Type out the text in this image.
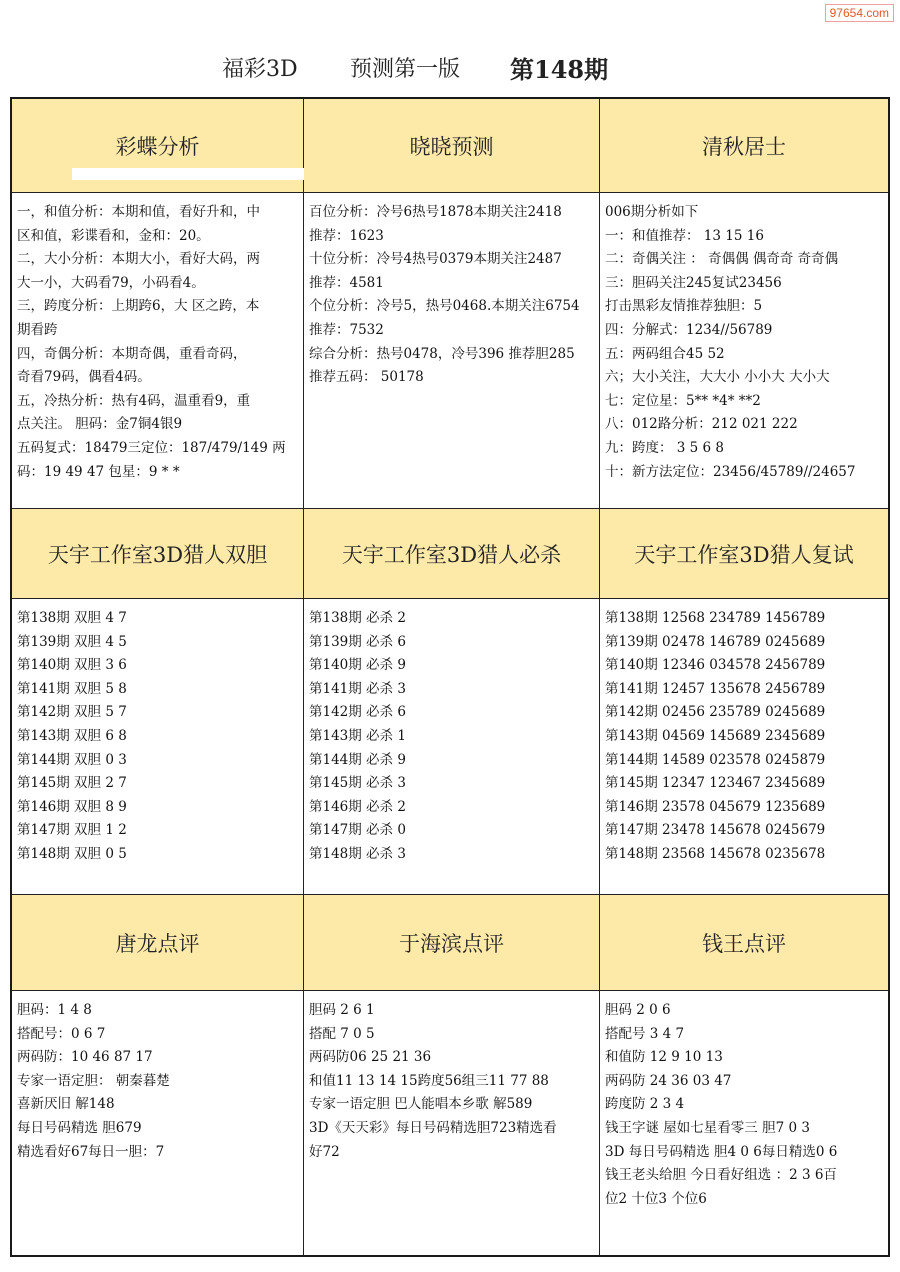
97654.com
福彩3D 预测第一版 第148期
彩蝶分析
一，和值分析：本期和值，看好升和，中
区和值，彩谍看和，金和：20。
二，大小分析：本期大小，看好大码，两
大一小，大码看79，小码看4。
三，跨度分析：上期跨6，大 区之跨，本
期看跨
四，奇偶分析：本期奇偶，重看奇码，
奇看79码，偶看4码。
五，冷热分析：热有4码，温重看9，重
点关注。 胆码：金7铜4银9
五码复式：18479三定位：187/479/149 两
码：19 49 47 包星：9 * *
晓晓预测
百位分析：冷号6热号1878本期关注2418
推荐：1623
十位分析：冷号4热号0379本期关注2487
推荐：4581
个位分析：冷号5，热号0468.本期关注6754
推荐：7532
综合分析：热号0478，冷号396 推荐胆285
推荐五码： 50178
清秋居士
006期分析如下
一：和值推荐： 13 15 16
二：奇偶关注 ： 奇偶偶 偶奇奇 奇奇偶
三：胆码关注245复试23456
打击黑彩友情推荐独胆：5
四：分解式：1234//56789
五：两码组合45 52
六；大小关注，大大小 小小大 大小大
七：定位星：5** *4* **2
八：012路分析：212 021 222
九：跨度： 3 5 6 8
十：新方法定位：23456/45789//24657
天宇工作室3D猎人双胆
第138期 双胆 4 7
第139期 双胆 4 5
第140期 双胆 3 6
第141期 双胆 5 8
第142期 双胆 5 7
第143期 双胆 6 8
第144期 双胆 0 3
第145期 双胆 2 7
第146期 双胆 8 9
第147期 双胆 1 2
第148期 双胆 0 5
天宇工作室3D猎人必杀
第138期 必杀 2
第139期 必杀 6
第140期 必杀 9
第141期 必杀 3
第142期 必杀 6
第143期 必杀 1
第144期 必杀 9
第145期 必杀 3
第146期 必杀 2
第147期 必杀 0
第148期 必杀 3
天宇工作室3D猎人复试
第138期 12568 234789 1456789
第139期 02478 146789 0245689
第140期 12346 034578 2456789
第141期 12457 135678 2456789
第142期 02456 235789 0245689
第143期 04569 145689 2345689
第144期 14589 023578 0245879
第145期 12347 123467 2345689
第146期 23578 045679 1235689
第147期 23478 145678 0245679
第148期 23568 145678 0235678
唐龙点评
胆码：1 4 8
搭配号：0 6 7
两码防：10 46 87 17
专家一语定胆： 朝秦暮楚
喜新厌旧 解148
每日号码精选 胆679
精选看好67每日一胆：7
于海滨点评
胆码 2 6 1
搭配 7 0 5
两码防06 25 21 36
和值11 13 14 15跨度56组三11 77 88
专家一语定胆 巴人能唱本乡歌 解589
3D《天天彩》每日号码精选胆723精选看
好72
钱王点评
胆码 2 0 6
搭配号 3 4 7
和值防 12 9 10 13
两码防 24 36 03 47
跨度防 2 3 4
钱王字谜 屋如七星看零三 胆7 0 3
3D 每日号码精选 胆4 0 6每日精选0 6
钱王老头给胆 今日看好组选 ：2 3 6百
位2 十位3 个位6
